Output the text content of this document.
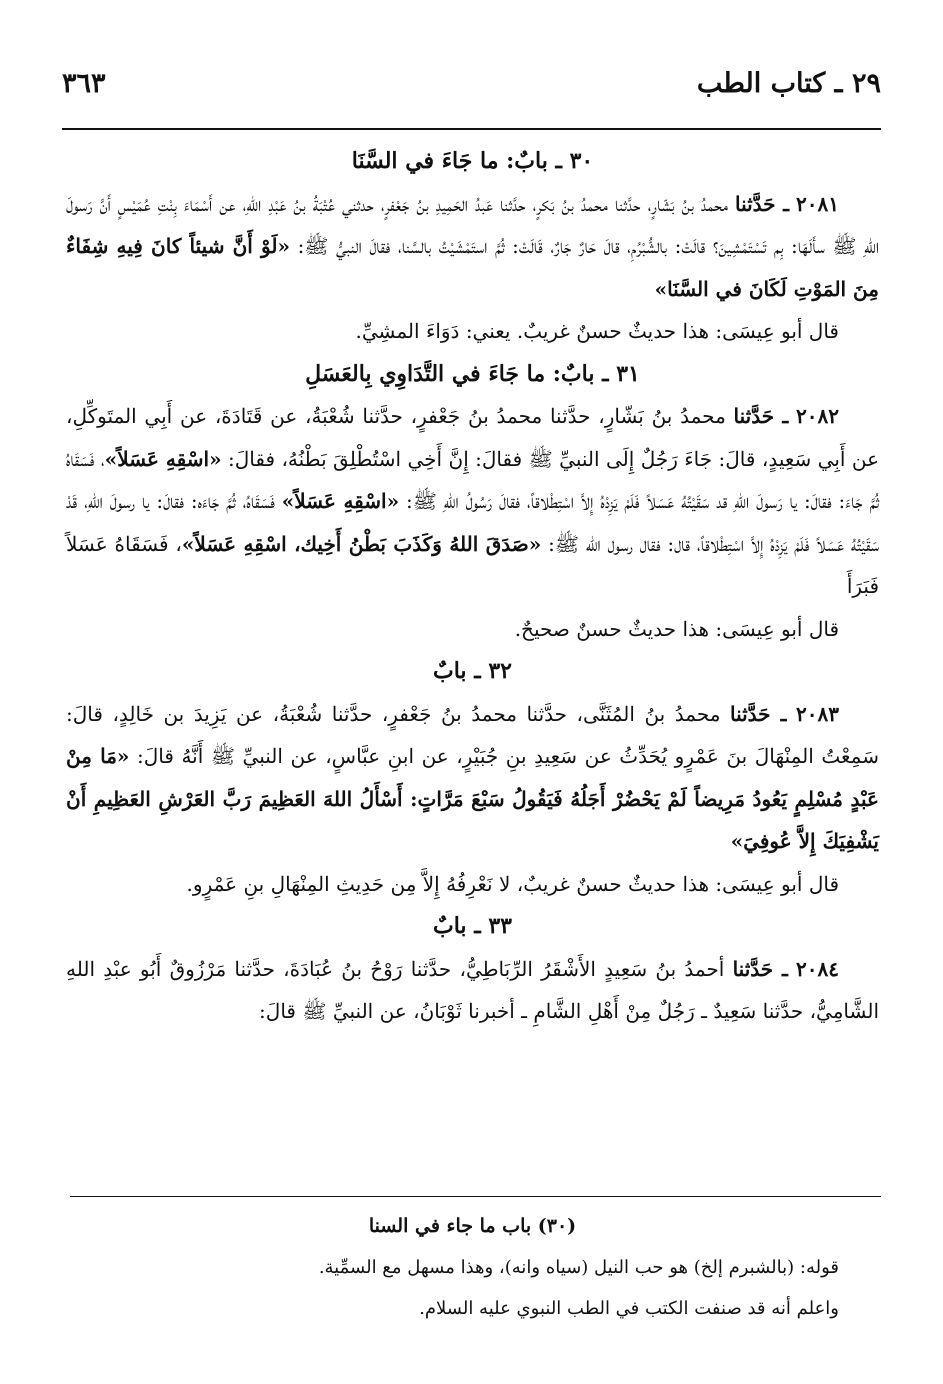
٣٦٣	٢٩ ـ كتاب الطب

٣٠ ـ بابٌ: ما جَاءَ في السَّنَا

٢٠٨١ ـ حَدَّثنا محمدُ بنُ بَشّارٍ، حدَّثنا محمدُ بنُ بَكرٍ، حدَّثنا عَبدُ الحَمِيدِ بنُ جَعْفرٍ، حدثني عُتْبَةُ بنُ عَبْدِ اللهِ، عن أَسْمَاءَ بِنْتِ عُمَيْسٍ أَنَّ رَسولَ اللهِ ﷺ سأَلَهَا: بِم تَسْتَمْشِينَ؟ قالَتْ: بالشُّبْرُمِ، قالَ حَارٌ جَارٌ، قَالَتْ: ثُمَّ استَمْشَيْتُ بالسَّنا، فقالَ النبيُّ ﷺ: «لَوْ أَنَّ شيئاً كانَ فِيهِ شِفَاءٌ مِنَ المَوْتِ لَكَانَ في السَّنَا»

قال أبو عِيسَى: هذا حديثٌ حسنٌ غريبٌ. يعني: دَوَاءَ المشِيِّ.

٣١ ـ بابٌ: ما جَاءَ في التَّدَاوِي بِالعَسَلِ

٢٠٨٢ ـ حَدَّثنا محمدُ بنُ بَشّارٍ، حدَّثنا محمدُ بنُ جَعْفرٍ، حدَّثنا شُعْبَةُ، عن قَتَادَةَ، عن أَبِي المتَوكِّلِ، عن أَبِي سَعِيدٍ، قالَ: جَاءَ رَجُلٌ إِلَى النبيِّ ﷺ فقالَ: إِنَّ أَخِي اسْتُطْلِقَ بَطْنُهُ، فقالَ: «اسْقِهِ عَسَلاً»، فَسَقَاهُ ثُمَّ جَاءَ: فقالَ: يا رَسولَ اللهِ قد سَقَيْتُهُ عَسَلاً فَلَمْ يَزِدْهُ إِلاَّ اسْتِطْلاقاً، فقالَ رَسُولُ اللهِ ﷺ: «اسْقِهِ عَسَلاً» فَسَقَاهُ، ثُمَّ جَاءَه: فقالَ: يا رسولَ اللهِ، قَدْ سَقَيْتُهُ عَسَلاً فَلَمْ يَزِدْهُ إِلاَّ اسْتِطْلاقاً، قال: فقال رسول الله ﷺ: «صَدَقَ اللهُ وَكَذَبَ بَطْنُ أَخِيك، اسْقِهِ عَسَلاً»، فَسَقَاهُ عَسَلاً فَبَرَأَ

قال أبو عِيسَى: هذا حديثٌ حسنٌ صحيحٌ.

٣٢ ـ بابٌ

٢٠٨٣ ـ حَدَّثنا محمدُ بنُ المُثَنَّى، حدَّثنا محمدُ بنُ جَعْفرٍ، حدَّثنا شُعْبَةُ، عن يَزِيدَ بن خَالِدٍ، قالَ: سَمِعْتُ المِنْهَالَ بنَ عَمْرٍو يُحَدِّثُ عن سَعِيدِ بنِ جُبَيْرٍ، عن ابنِ عبَّاسٍ، عن النبيِّ ﷺ أَنَّهُ قالَ: «مَا مِنْ عَبْدٍ مُسْلِمٍ يَعُودُ مَرِيضاً لَمْ يَحْضُرْ أَجَلُهُ فَيَقُولُ سَبْعَ مَرَّاتٍ: أَسْأَلُ اللهَ العَظِيمَ رَبَّ العَرْشِ العَظِيمِ أَنْ يَشْفِيَكَ إِلاَّ عُوفِيَ»

قال أبو عِيسَى: هذا حديثٌ حسنٌ غريبٌ، لا نَعْرِفُهُ إِلاَّ مِن حَدِيثِ المِنْهَالِ بنِ عَمْرٍو.

٣٣ ـ بابٌ

٢٠٨٤ ـ حَدَّثنا أحمدُ بنُ سَعِيدٍ الأَشْقَرُ الرِّبَاطِيُّ، حدَّثنا رَوْحُ بنُ عُبَادَةَ، حدَّثنا مَرْزُوقٌ أَبُو عبْدِ اللهِ الشَّامِيُّ، حدَّثنا سَعِيدٌ ـ رَجُلٌ مِنْ أَهْلِ الشَّامِ ـ أخبرنا ثَوْبَانُ، عن النبيِّ ﷺ قالَ:

(٣٠) باب ما جاء في السنا

قوله: (بالشبرم إلخ) هو حب النيل (سياه وانه)، وهذا مسهل مع السمِّية.

واعلم أنه قد صنفت الكتب في الطب النبوي عليه السلام.
